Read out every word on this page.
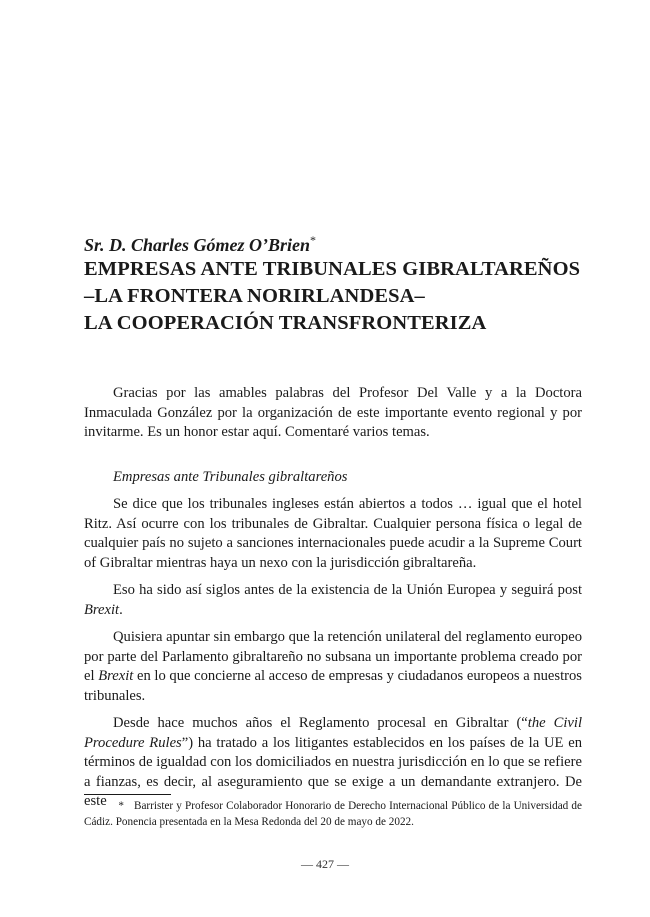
Sr. D. Charles Gómez O’Brien*
EMPRESAS ANTE TRIBUNALES GIBRALTAREÑOS
–LA FRONTERA NORIRLANDESA–
LA COOPERACIÓN TRANSFRONTERIZA

Gracias por las amables palabras del Profesor Del Valle y a la Doctora Inmaculada González por la organización de este importante evento regional y por invitarme. Es un honor estar aquí. Comentaré varios temas.

Empresas ante Tribunales gibraltareños

Se dice que los tribunales ingleses están abiertos a todos … igual que el hotel Ritz. Así ocurre con los tribunales de Gibraltar. Cualquier persona física o legal de cualquier país no sujeto a sanciones internacionales puede acudir a la Supreme Court of Gibraltar mientras haya un nexo con la jurisdicción gibraltareña.

Eso ha sido así siglos antes de la existencia de la Unión Europea y seguirá post Brexit.

Quisiera apuntar sin embargo que la retención unilateral del reglamento europeo por parte del Parlamento gibraltareño no subsana un importante problema creado por el Brexit en lo que concierne al acceso de empresas y ciudadanos europeos a nuestros tribunales.

Desde hace muchos años el Reglamento procesal en Gibraltar (“the Civil Procedure Rules”) ha tratado a los litigantes establecidos en los países de la UE en términos de igualdad con los domiciliados en nuestra jurisdicción en lo que se refiere a fianzas, es decir, al aseguramiento que se exige a un demandante extranjero. De este	* Barrister y Profesor Colaborador Honorario de Derecho Internacional Público de la Universidad de Cádiz. Ponencia presentada en la Mesa Redonda del 20 de mayo de 2022.
— 427 —
